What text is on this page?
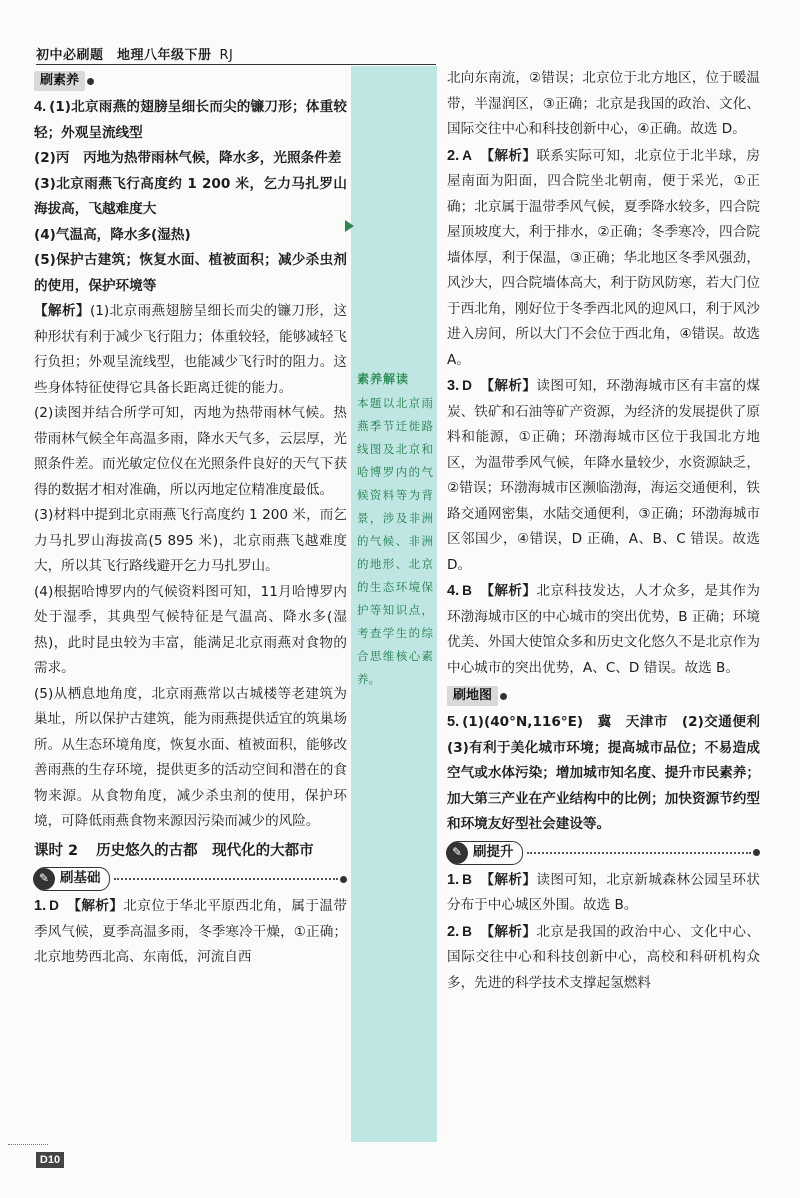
初中必刷题　地理八年级下册 RJ
刷素养

4. (1)北京雨燕的翅膀呈细长而尖的镰刀形；体重较轻；外观呈流线型

(2)丙　丙地为热带雨林气候，降水多，光照条件差

(3)北京雨燕飞行高度约 1 200 米，乞力马扎罗山海拔高，飞越难度大

(4)气温高，降水多(湿热)

(5)保护古建筑；恢复水面、植被面积；减少杀虫剂的使用，保护环境等

【解析】(1)北京雨燕翅膀呈细长而尖的镰刀形，这种形状有利于减少飞行阻力；体重较轻，能够减轻飞行负担；外观呈流线型，也能减少飞行时的阻力。这些身体特征使得它具备长距离迁徙的能力。

(2)读图并结合所学可知，丙地为热带雨林气候。热带雨林气候全年高温多雨，降水天气多，云层厚，光照条件差。而光敏定位仪在光照条件良好的天气下获得的数据才相对准确，所以丙地定位精准度最低。

(3)材料中提到北京雨燕飞行高度约 1 200 米，而乞力马扎罗山海拔高(5 895 米)，北京雨燕飞越难度大，所以其飞行路线避开乞力马扎罗山。

(4)根据哈博罗内的气候资料图可知，11月哈博罗内处于湿季，其典型气候特征是气温高、降水多(湿热)，此时昆虫较为丰富，能满足北京雨燕对食物的需求。

(5)从栖息地角度，北京雨燕常以古城楼等老建筑为巢址，所以保护古建筑，能为雨燕提供适宜的筑巢场所。从生态环境角度，恢复水面、植被面积，能够改善雨燕的生存环境，提供更多的活动空间和潜在的食物来源。从食物角度，减少杀虫剂的使用，保护环境，可降低雨燕食物来源因污染而减少的风险。

课时 2 历史悠久的古都　现代化的大都市
✎ 刷基础

1. D 【解析】北京位于华北平原西北角，属于温带季风气候，夏季高温多雨，冬季寒冷干燥，①正确；北京地势西北高、东南低，河流自西

素养解读
本题以北京雨燕季节迁徙路线图及北京和哈博罗内的气候资料等为背景，涉及非洲的气候、非洲的地形、北京的生态环境保护等知识点，考查学生的综合思维核心素养。

北向东南流，②错误；北京位于北方地区，位于暖温带，半湿润区，③正确；北京是我国的政治、文化、国际交往中心和科技创新中心，④正确。故选 D。

2. A 【解析】联系实际可知，北京位于北半球，房屋南面为阳面，四合院坐北朝南，便于采光，①正确；北京属于温带季风气候，夏季降水较多，四合院屋顶坡度大，利于排水，②正确；冬季寒冷，四合院墙体厚，利于保温，③正确；华北地区冬季风强劲，风沙大，四合院墙体高大，利于防风防寒，若大门位于西北角，刚好位于冬季西北风的迎风口，利于风沙进入房间，所以大门不会位于西北角，④错误。故选 A。

3. D 【解析】读图可知，环渤海城市区有丰富的煤炭、铁矿和石油等矿产资源，为经济的发展提供了原料和能源，①正确；环渤海城市区位于我国北方地区，为温带季风气候，年降水量较少，水资源缺乏，②错误；环渤海城市区濒临渤海，海运交通便利，铁路交通网密集，水陆交通便利，③正确；环渤海城市区邻国少，④错误，D 正确，A、B、C 错误。故选 D。

4. B 【解析】北京科技发达，人才众多，是其作为环渤海城市区的中心城市的突出优势，B 正确；环境优美、外国大使馆众多和历史文化悠久不是北京作为中心城市的突出优势，A、C、D 错误。故选 B。

刷地图

5. (1)(40°N,116°E)　冀　天津市　(2)交通便利　(3)有利于美化城市环境；提高城市品位；不易造成空气或水体污染；增加城市知名度、提升市民素养；加大第三产业在产业结构中的比例；加快资源节约型和环境友好型社会建设等。

✎ 刷提升

1. B 【解析】读图可知，北京新城森林公园呈环状分布于中心城区外围。故选 B。

2. B 【解析】北京是我国的政治中心、文化中心、国际交往中心和科技创新中心，高校和科研机构众多，先进的科学技术支撑起氢燃料

D10
